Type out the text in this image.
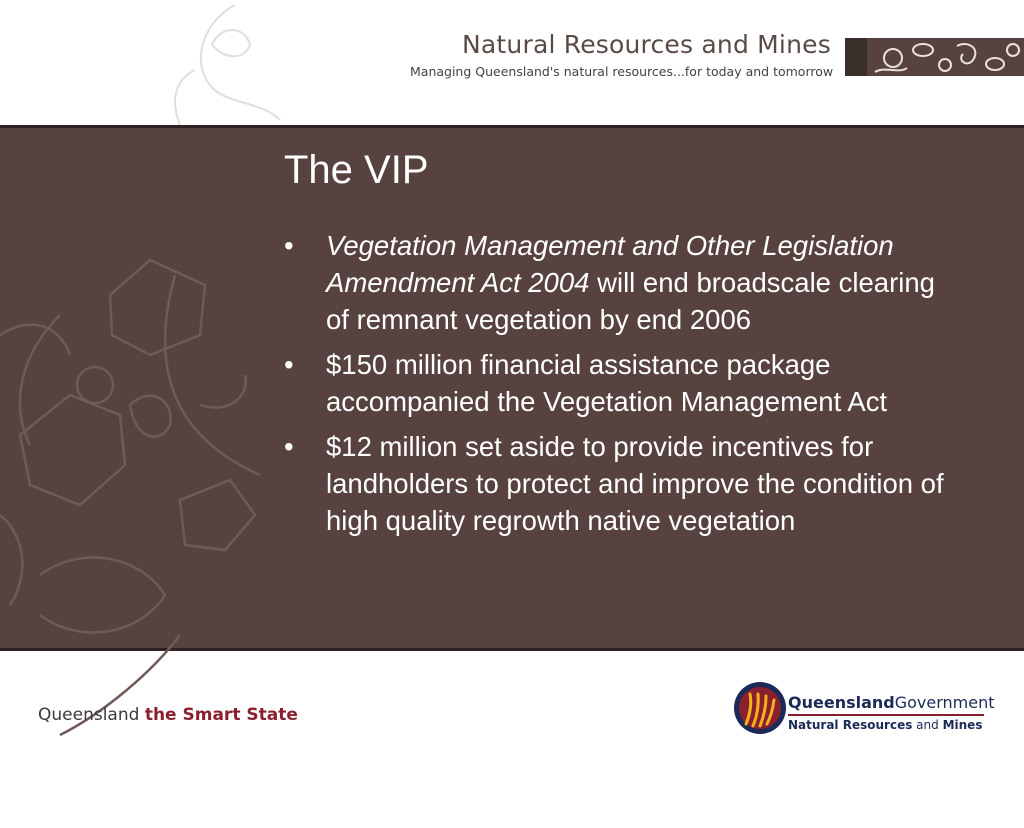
Natural Resources and Mines
Managing Queensland's natural resources...for today and tomorrow
The VIP
• Vegetation Management and Other Legislation Amendment Act 2004 will end broadscale clearing of remnant vegetation by end 2006
• $150 million financial assistance package accompanied the Vegetation Management Act
• $12 million set aside to provide incentives for landholders to protect and improve the condition of high quality regrowth native vegetation
Queensland the Smart State
QueenslandGovernment
Natural Resources and Mines
